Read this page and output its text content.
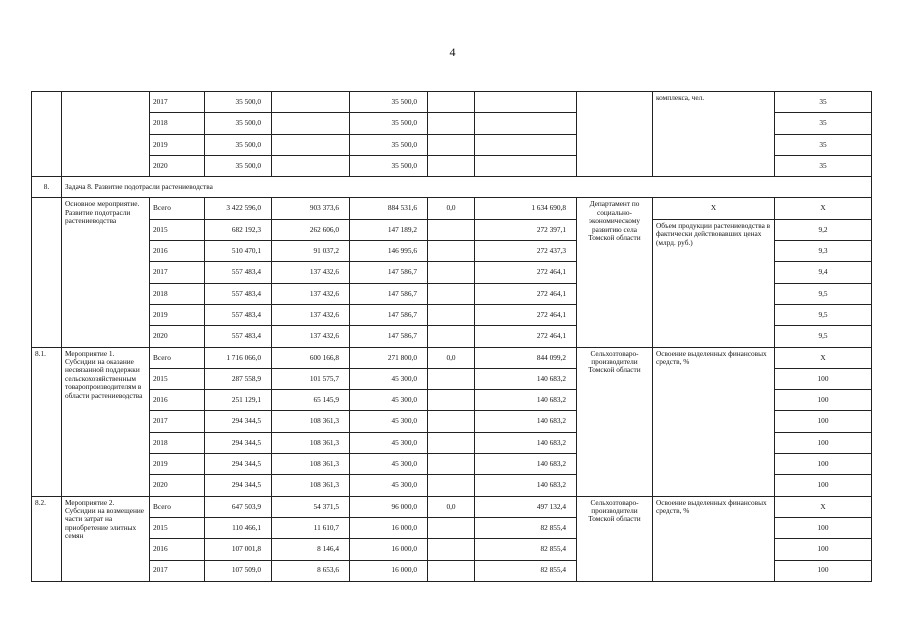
4
		2017	35 500,0		35 500,0				комплекса, чел.	35
		2018	35 500,0		35 500,0					35
		2019	35 500,0		35 500,0					35
		2020	35 500,0		35 500,0					35
8.	Задача 8. Развитие подотрасли растениеводства									
	Основное мероприятие. Развитие подотрасли растениеводства	Всего	3 422 596,0	903 373,6	884 531,6	0,0	1 634 690,8	Департамент по социально-экономическому развитию села Томской области	X	X
		2015	682 192,3	262 606,0	147 189,2		272 397,1		Объем продукции растениеводства в фактически действовавших ценах (млрд. руб.)	9,2
		2016	510 470,1	91 037,2	146 995,6		272 437,3			9,3
		2017	557 483,4	137 432,6	147 586,7		272 464,1			9,4
		2018	557 483,4	137 432,6	147 586,7		272 464,1			9,5
		2019	557 483,4	137 432,6	147 586,7		272 464,1			9,5
		2020	557 483,4	137 432,6	147 586,7		272 464,1			9,5
8.1.	Мероприятие 1. Субсидии на оказание несвязанной поддержки сельскохозяйственным товаропроизводителям в области растениеводства	Всего	1 716 066,0	600 166,8	271 800,0	0,0	844 099,2	Сельхозтоваро-производители Томской области	Освоение выделенных финансовых средств, %	X
		2015	287 558,9	101 575,7	45 300,0		140 683,2			100
		2016	251 129,1	65 145,9	45 300,0		140 683,2			100
		2017	294 344,5	108 361,3	45 300,0		140 683,2			100
		2018	294 344,5	108 361,3	45 300,0		140 683,2			100
		2019	294 344,5	108 361,3	45 300,0		140 683,2			100
		2020	294 344,5	108 361,3	45 300,0		140 683,2			100
8.2.	Мероприятие 2. Субсидии на возмещение части затрат на приобретение элитных семян	Всего	647 503,9	54 371,5	96 000,0	0,0	497 132,4	Сельхозтоваро-производители Томской области	Освоение выделенных финансовых средств, %	X
		2015	110 466,1	11 610,7	16 000,0		82 855,4			100
		2016	107 001,8	8 146,4	16 000,0		82 855,4			100
		2017	107 509,0	8 653,6	16 000,0		82 855,4			100
